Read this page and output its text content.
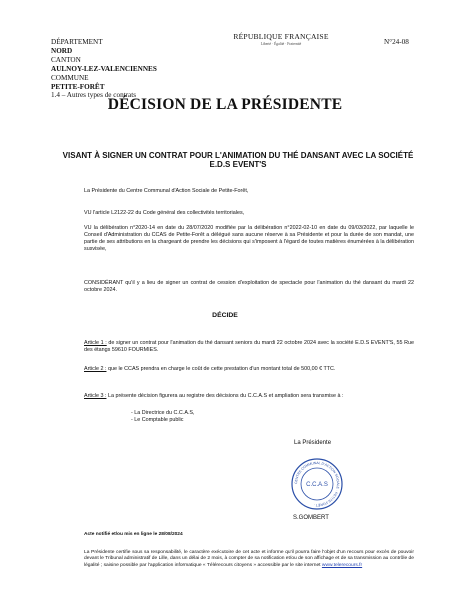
DÉPARTEMENT
NORD
CANTON
AULNOY-LEZ-VALENCIENNES
COMMUNE
PETITE-FORÊT
1.4 – Autres types de contrats
RÉPUBLIQUE FRANÇAISE
Liberté · Égalité · Fraternité	N°24-08
DÉCISION DE LA PRÉSIDENTE
VISANT À SIGNER UN CONTRAT POUR L'ANIMATION DU THÉ DANSANT AVEC LA SOCIÉTÉ E.D.S EVENT'S
La Présidente du Centre Communal d'Action Sociale de Petite-Forêt,
VU l'article L2122-22 du Code général des collectivités territoriales,
VU la délibération n°2020-14 en date du 28/07/2020 modifiée par la délibération n°2022-02-10 en date du 09/03/2022, par laquelle le Conseil d'Administration du CCAS de Petite-Forêt a délégué sans aucune réserve à sa Présidente et pour la durée de son mandat, une partie de ses attributions en la chargeant de prendre les décisions qui s'imposent à l'égard de toutes matières énumérées à la délibération susvisée,
CONSIDÉRANT qu'il y a lieu de signer un contrat de cession d'exploitation de spectacle pour l'animation du thé dansant du mardi 22 octobre 2024.
DÉCIDE
Article 1 : de signer un contrat pour l'animation du thé dansant seniors du mardi 22 octobre 2024 avec la société E.D.S EVENT'S, 55 Rue des étangs 59610 FOURMIES.
Article 2 : que le CCAS prendra en charge le coût de cette prestation d'un montant total de 500,00 € TTC.
Article 3 : La présente décision figurera au registre des décisions du C.C.A.S et ampliation sera transmise à :
- La Directrice du C.C.A.S,
- Le Comptable public
La Présidente
CENTRE COMMUNAL D'ACTION SOCIALE · PETITE-FORÊT ·
C.C.A.S
S.GOMBERT
Acte notifié et/ou mis en ligne le 28/08/2024
La Présidente certifie sous sa responsabilité, le caractère exécutoire de cet acte et informe qu'il pourra faire l'objet d'un recours pour excès de pouvoir devant le Tribunal administratif de Lille, dans un délai de 2 mois, à compter de sa notification et/ou de son affichage et de sa transmission au contrôle de légalité ; saisine possible par l'application informatique « Télérecours citoyens » accessible par le site internet www.telerecours.fr
